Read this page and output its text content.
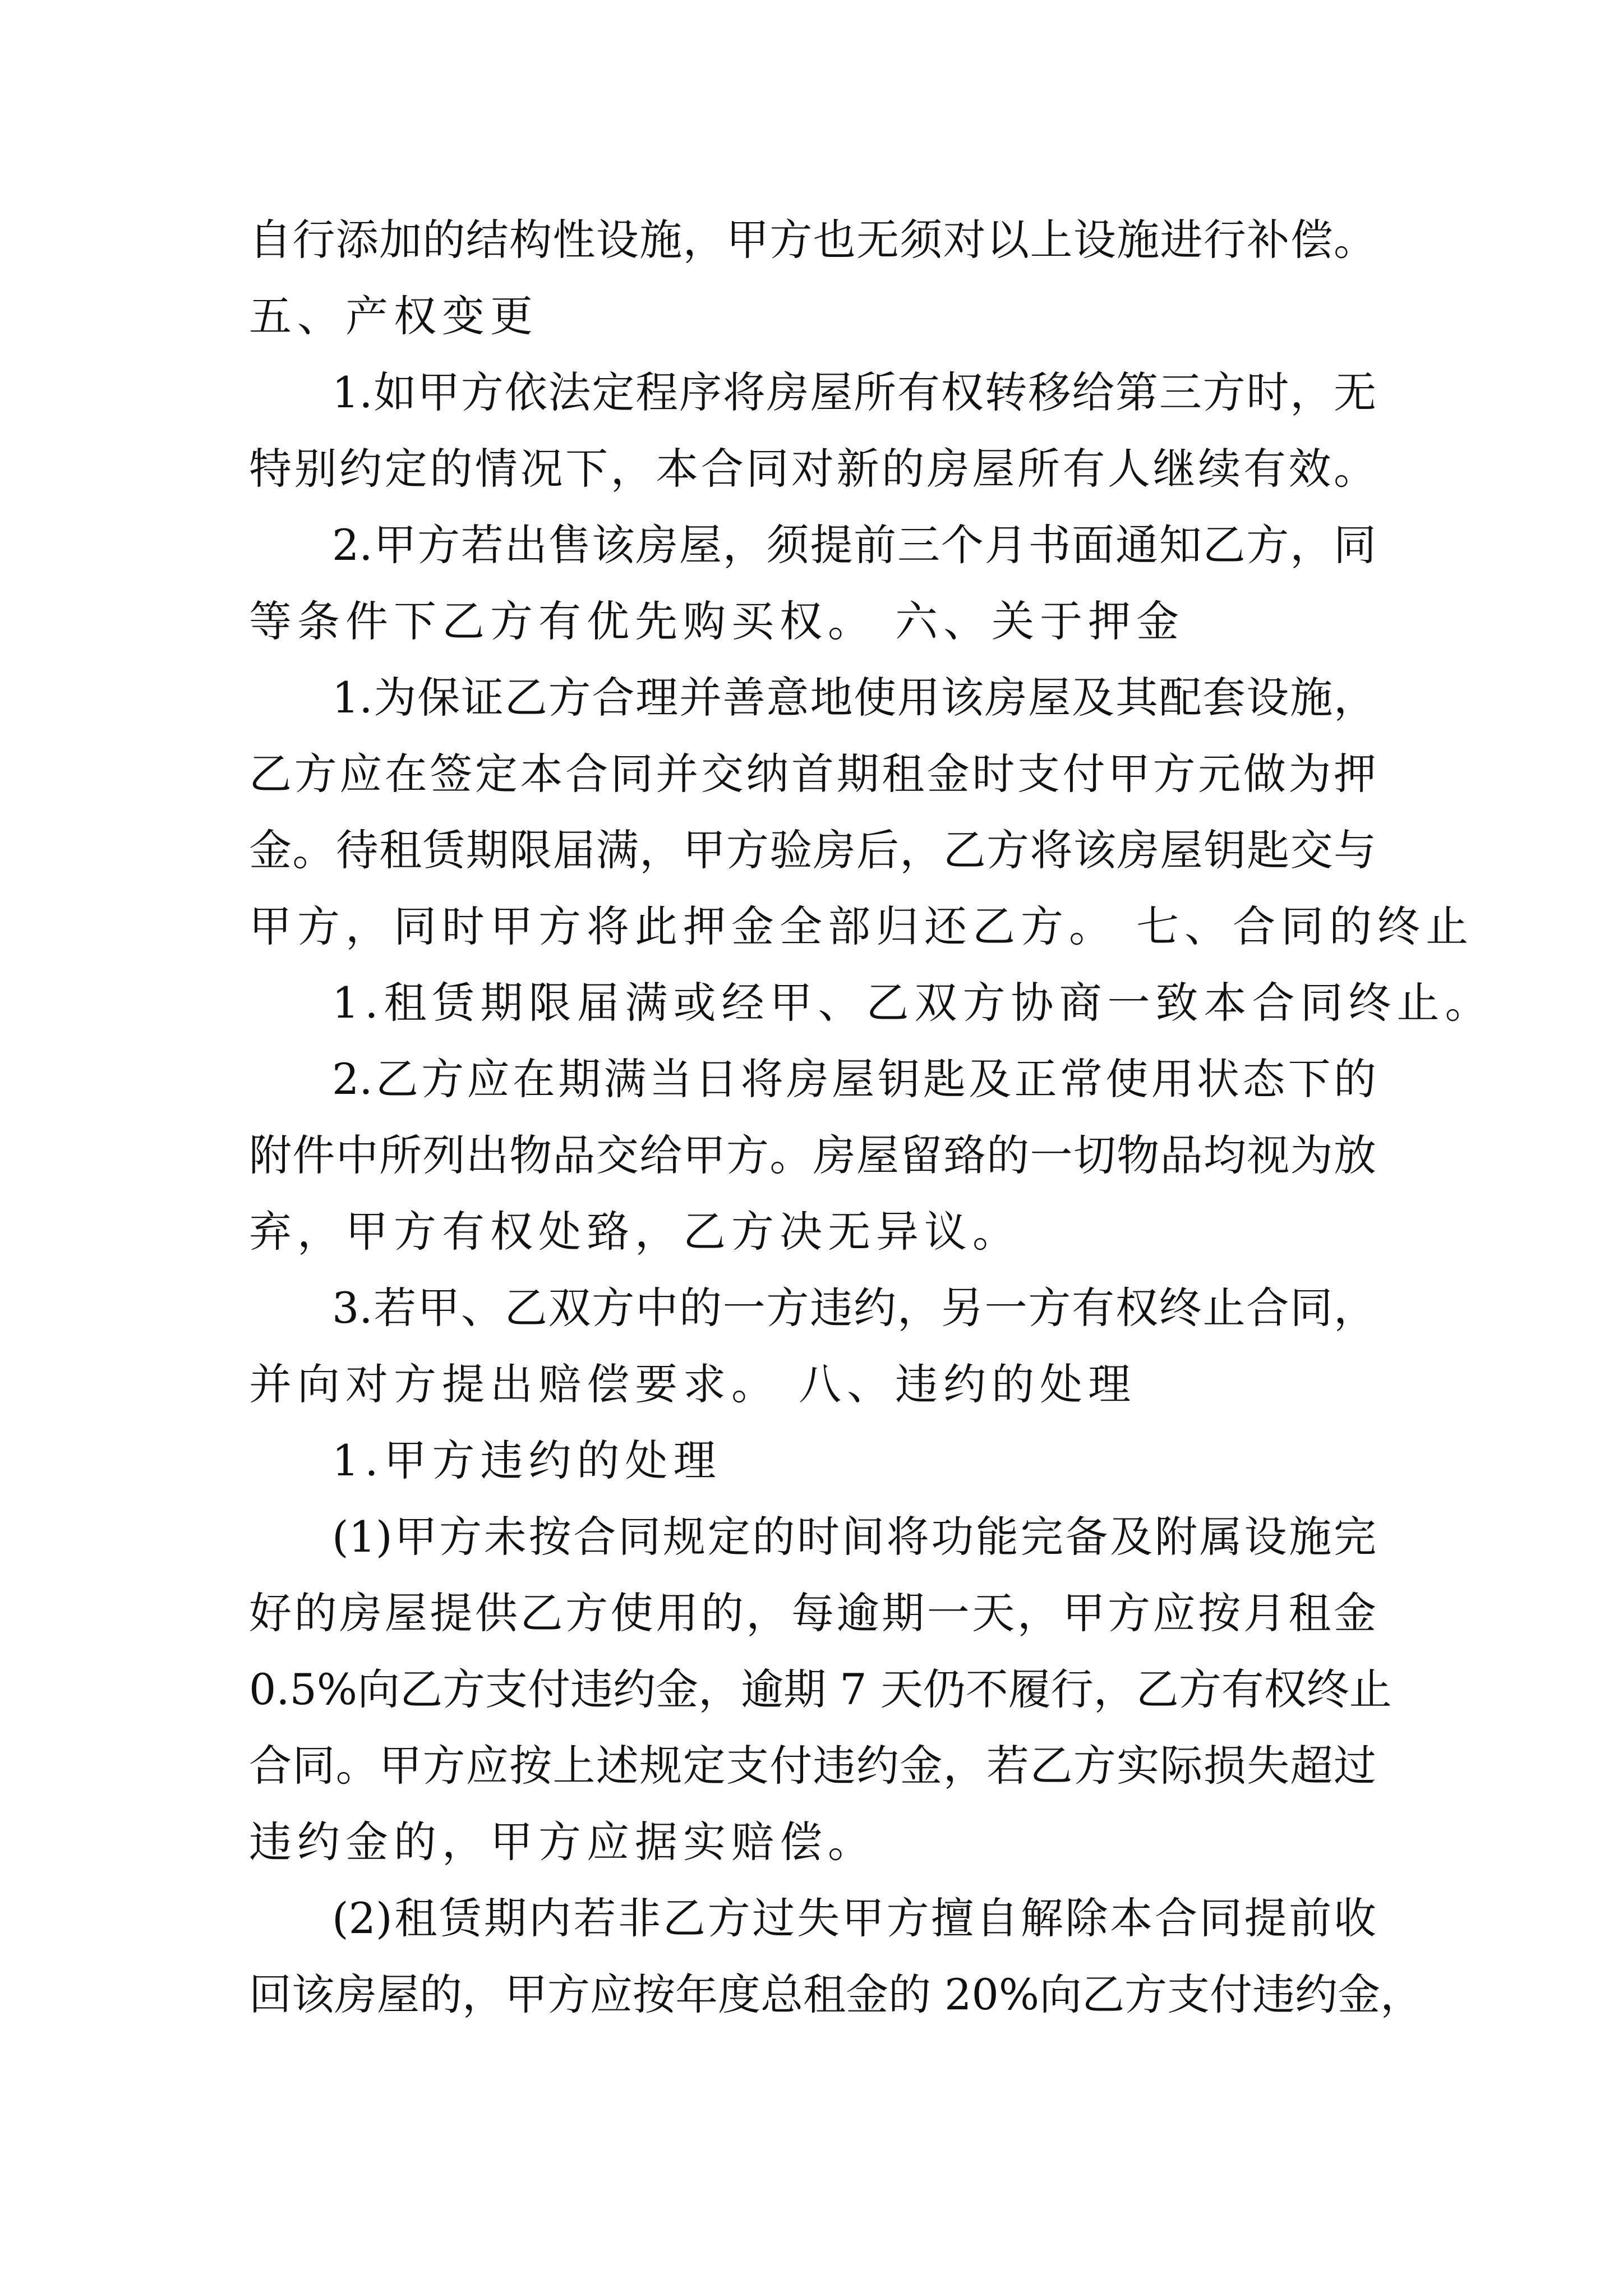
自行添加的结构性设施，甲方也无须对以上设施进行补偿。
五、产权变更
1.如甲方依法定程序将房屋所有权转移给第三方时，无
特别约定的情况下，本合同对新的房屋所有人继续有效。
2.甲方若出售该房屋，须提前三个月书面通知乙方，同
等条件下乙方有优先购买权。 六、关于押金
1.为保证乙方合理并善意地使用该房屋及其配套设施，
乙方应在签定本合同并交纳首期租金时支付甲方元做为押
金。待租赁期限届满，甲方验房后，乙方将该房屋钥匙交与
甲方，同时甲方将此押金全部归还乙方。 七、合同的终止
1.租赁期限届满或经甲、乙双方协商一致本合同终止。
2.乙方应在期满当日将房屋钥匙及正常使用状态下的
附件中所列出物品交给甲方。房屋留臵的一切物品均视为放
弃，甲方有权处臵，乙方决无异议。
3.若甲、乙双方中的一方违约，另一方有权终止合同，
并向对方提出赔偿要求。 八、违约的处理
1.甲方违约的处理
(1)甲方未按合同规定的时间将功能完备及附属设施完
好的房屋提供乙方使用的，每逾期一天，甲方应按月租金
0.5%向乙方支付违约金，逾期 7 天仍不履行，乙方有权终止
合同。甲方应按上述规定支付违约金，若乙方实际损失超过
违约金的，甲方应据实赔偿。
(2)租赁期内若非乙方过失甲方擅自解除本合同提前收
回该房屋的，甲方应按年度总租金的 20%向乙方支付违约金，
